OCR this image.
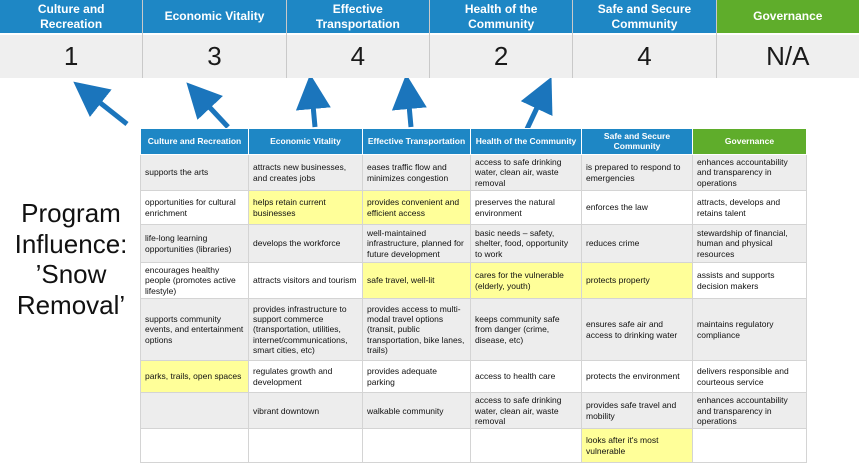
Culture and Recreation
1
Economic Vitality
3
Effective Transportation
4
Health of the Community
2
Safe and Secure Community
4
Governance
N/A
Program Influence: ’Snow Removal’
Culture and Recreation	Economic Vitality	Effective Transportation	Health of the Community	Safe and Secure Community	Governance
supports the arts	attracts new businesses, and creates jobs	eases traffic flow and minimizes congestion	access to safe drinking water, clean air, waste removal	is prepared to respond to emergencies	enhances accountability and transparency in operations
opportunities for cultural enrichment	helps retain current businesses	provides convenient and efficient access	preserves the natural environment	enforces the law	attracts, develops and retains talent
life-long learning opportunities (libraries)	develops the workforce	well-maintained infrastructure, planned for future development	basic needs – safety, shelter, food, opportunity to work	reduces crime	stewardship of financial, human and physical resources
encourages healthy people (promotes active lifestyle)	attracts visitors and tourism	safe travel, well-lit	cares for the vulnerable (elderly, youth)	protects property	assists and supports decision makers
supports community events, and entertainment options	provides infrastructure to support commerce (transportation, utilities, internet/communications, smart cities, etc)	provides access to multi-modal travel options (transit, public transportation, bike lanes, trails)	keeps community safe from danger (crime, disease, etc)	ensures safe air and access to drinking water	maintains regulatory compliance
parks, trails, open spaces	regulates growth and development	provides adequate parking	access to health care	protects the environment	delivers responsible and courteous service
	vibrant downtown	walkable community	access to safe drinking water, clean air, waste removal	provides safe travel and mobility	enhances accountability and transparency in operations
				looks after it's most vulnerable	
